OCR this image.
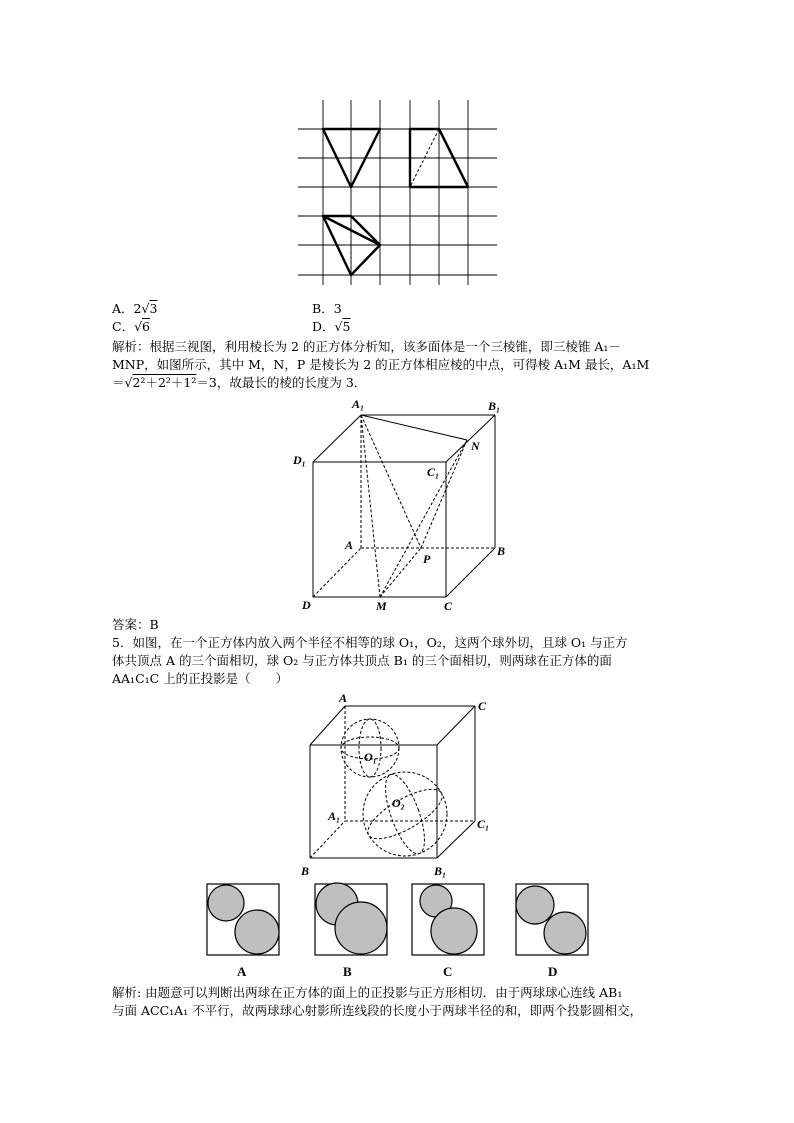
A．2√3	B．3
C．√6	D．√5
解析：根据三视图，利用棱长为 2 的正方体分析知，该多面体是一个三棱锥，即三棱锥 A₁－
MNP，如图所示，其中 M，N，P 是棱长为 2 的正方体相应棱的中点，可得棱 A₁M 最长，A₁M
＝√2²＋2²＋1²＝3，故最长的棱的长度为 3．
A₁	B₁
D₁
C₁
N
A	B
P
D	M	C
答案：B
5．如图，在一个正方体内放入两个半径不相等的球 O₁，O₂，这两个球外切，且球 O₁ 与正方
体共顶点 A 的三个面相切，球 O₂ 与正方体共顶点 B₁ 的三个面相切，则两球在正方体的面
AA₁C₁C 上的正投影是（　　）
A
C
O₁
O₂
A₁
C₁
B	B₁
A	B	C	D
解析: 由题意可以判断出两球在正方体的面上的正投影与正方形相切．由于两球球心连线 AB₁
与面 ACC₁A₁ 不平行，故两球球心射影所连线段的长度小于两球半径的和，即两个投影圆相交，
